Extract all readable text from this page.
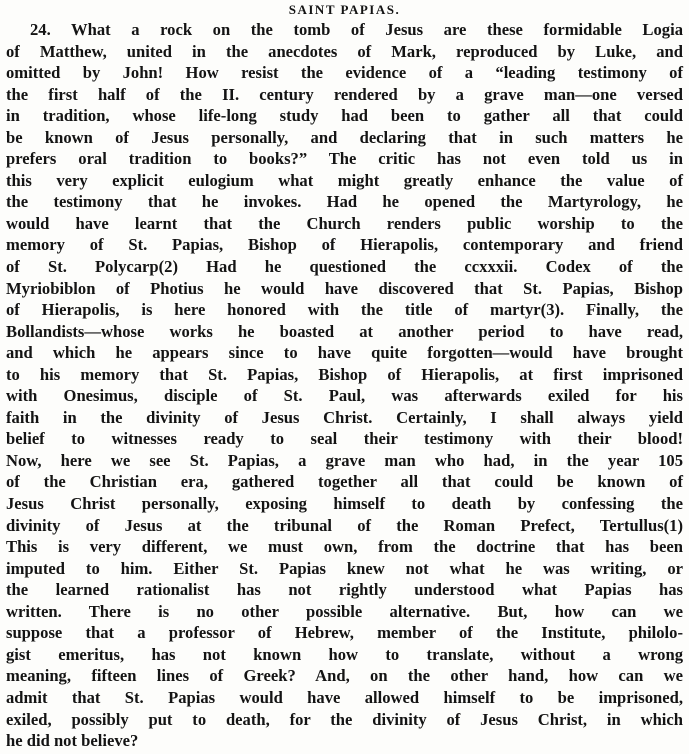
SAINT PAPIAS.
24. What a rock on the tomb of Jesus are these formidable Logia
of Matthew, united in the anecdotes of Mark, reproduced by Luke, and
omitted by John! How resist the evidence of a “leading testimony of
the first half of the II. century rendered by a grave man—one versed
in tradition, whose life-long study had been to gather all that could
be known of Jesus personally, and declaring that in such matters he
prefers oral tradition to books?” The critic has not even told us in
this very explicit eulogium what might greatly enhance the value of
the testimony that he invokes. Had he opened the Martyrology, he
would have learnt that the Church renders public worship to the
memory of St. Papias, Bishop of Hierapolis, contemporary and friend
of St. Polycarp(2) Had he questioned the ccxxxii. Codex of the
Myriobiblon of Photius he would have discovered that St. Papias, Bishop
of Hierapolis, is here honored with the title of martyr(3). Finally, the
Bollandists—whose works he boasted at another period to have read,
and which he appears since to have quite forgotten—would have brought
to his memory that St. Papias, Bishop of Hierapolis, at first imprisoned
with Onesimus, disciple of St. Paul, was afterwards exiled for his
faith in the divinity of Jesus Christ. Certainly, I shall always yield
belief to witnesses ready to seal their testimony with their blood!
Now, here we see St. Papias, a grave man who had, in the year 105
of the Christian era, gathered together all that could be known of
Jesus Christ personally, exposing himself to death by confessing the
divinity of Jesus at the tribunal of the Roman Prefect, Tertullus(1)
This is very different, we must own, from the doctrine that has been
imputed to him. Either St. Papias knew not what he was writing, or
the learned rationalist has not rightly understood what Papias has
written. There is no other possible alternative. But, how can we
suppose that a professor of Hebrew, member of the Institute, philolo-
gist emeritus, has not known how to translate, without a wrong
meaning, fifteen lines of Greek? And, on the other hand, how can we
admit that St. Papias would have allowed himself to be imprisoned,
exiled, possibly put to death, for the divinity of Jesus Christ, in which
he did not believe?
